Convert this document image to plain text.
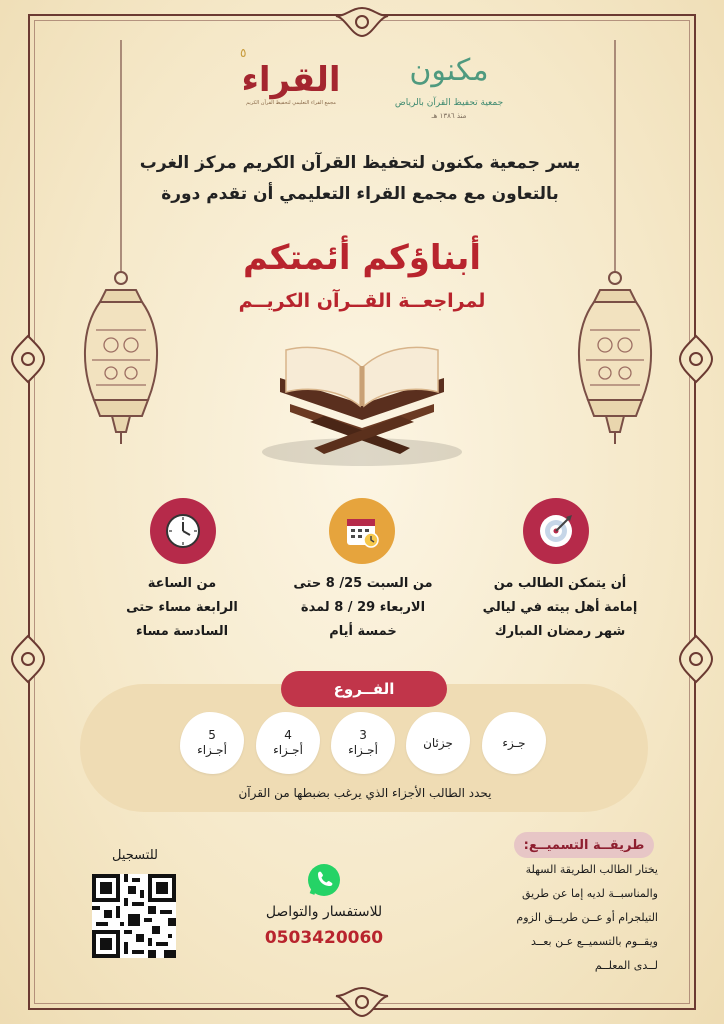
٥
القراء
مجمع القراء التعليمي لتحفيظ القرآن الكريم
مكنون
جمعية تحفيظ القرآن بالرياض
منذ ١٣٨٦ هـ
يسر جمعية مكنون لتحفيظ القرآن الكريم مركز الغرب
بالتعاون مع مجمع القراء التعليمي أن تقدم دورة
أبناؤكم أئمتكم
لمراجعــة القــرآن الكريــم
أن يتمكن الطالب من
إمامة أهل بيته في ليالي
شهر رمضان المبارك
من السبت 25/ 8 حتى
الاربعاء 29 / 8 لمدة
خمسة أيام
من الساعة
الرابعة مساء حتى
السادسة مساء
الفــروع
جـزء
جزئان
3
أجـزاء
4
أجـزاء
5
أجـزاء
يحدد الطالب الأجزاء الذي يرغب بضبطها من القرآن
طريقــة التسميــع:
يختار الطالب الطريقة السهلة
والمناسبــة لديه إما عن طريق
التيلجرام أو عــن طريــق الزوم
ويقــوم بالتسميــع عـن بعــد
لــدى المعلــم
للاستفسار والتواصل
0503420060
للتسجيل
